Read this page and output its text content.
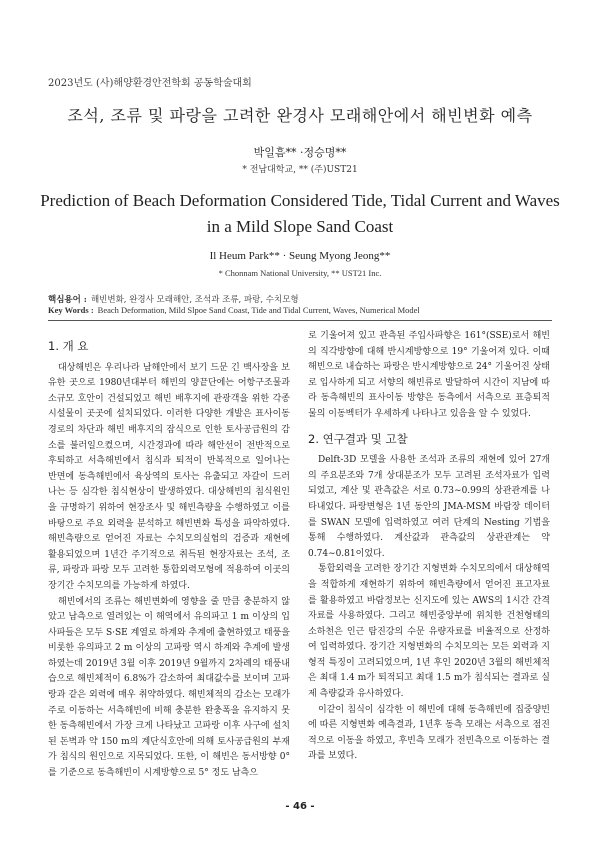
2023년도 (사)해양환경안전학회 공동학술대회
조석, 조류 및 파랑을 고려한 완경사 모래해안에서 해빈변화 예측
박일흠** ·정승명**
* 전남대학교, ** (주)UST21
Prediction of Beach Deformation Considered Tide, Tidal Current and Waves
in a Mild Slope Sand Coast
Il Heum Park** · Seung Myong Jeong**
* Chonnam National University, ** UST21 Inc.
핵심용어 : 해빈변화, 완경사 모래해안, 조석과 조류, 파랑, 수치모형
Key Words : Beach Deformation, Mild Slpoe Sand Coast, Tide and Tidal Current, Waves, Numerical Model
1. 개 요

대상해빈은 우리나라 남해안에서 보기 드문 긴 백사장을 보유한 곳으로 1980년대부터 해빈의 양끝단에는 어항구조물과 소규모 호안이 건설되었고 해빈 배후지에 관광객을 위한 각종 시설물이 곳곳에 설치되었다. 이러한 다양한 개발은 표사이동 경로의 차단과 해빈 배후지의 잠식으로 인한 토사공급원의 감소를 불러일으켰으며, 시간경과에 따라 해안선이 전반적으로 후퇴하고 서측해빈에서 침식과 퇴적이 반복적으로 일어나는 반면에 동측해빈에서 육상역의 토사는 유출되고 자갈이 드러나는 등 심각한 침식현상이 발생하였다. 대상해빈의 침식원인을 규명하기 위하여 현장조사 및 해빈측량을 수행하였고 이를 바탕으로 주요 외력을 분석하고 해빈변화 특성을 파악하였다. 해빈측량으로 얻어진 자료는 수치모의실험의 검증과 재현에 활용되었으며 1년간 주기적으로 취득된 현장자료는 조석, 조류, 파랑과 파랑 모두 고려한 통합외력모형에 적용하여 이곳의 장기간 수치모의를 가능하게 하였다.

해빈에서의 조류는 해빈변화에 영향을 줄 만큼 충분하지 않았고 남측으로 열려있는 이 해역에서 유의파고 1 m 이상의 입사파들은 모두 S·SE 계열로 하계와 추계에 출현하였고 태풍을 비롯한 유의파고 2 m 이상의 고파랑 역시 하계와 추계에 발생하였는데 2019년 3월 이후 2019년 9월까지 2차례의 태풍내습으로 해빈체적이 6.8%가 감소하여 최대값수를 보이며 고파랑과 같은 외력에 매우 취약하였다. 해빈체적의 감소는 모래가 주로 이동하는 서측해빈에 비해 충분한 완충폭을 유지하지 못한 동측해빈에서 가장 크게 나타났고 고파랑 이후 사구에 설치된 돈벽과 약 150 m의 계단식호안에 의해 토사공급원의 부재가 침식의 원인으로 지목되었다. 또한, 이 해빈은 동서방향 0°를 기준으로 동측해빈이 시계방향으로 5° 정도 남측으

로 기울어져 있고 관측된 주입사파향은 161°(SSE)로서 해빈의 직각방향에 대해 반시계방향으로 19° 기울어져 있다. 이때 해빈으로 내습하는 파랑은 반시계방향으로 24° 기울어진 상태로 입사하게 되고 서향의 해빈류로 발달하여 시간이 지남에 따라 동측해빈의 표사이동 방향은 동측에서 서측으로 표층퇴적물의 이동벡터가 우세하게 나타나고 있음을 알 수 있었다.

2. 연구결과 및 고찰

Delft-3D 모델을 사용한 조석과 조류의 재현에 있어 27개의 주요분조와 7개 상대분조가 모두 고려된 조석자료가 입력되었고, 계산 및 관측값은 서로 0.73∼0.99의 상관관계를 나타내었다. 파랑변형은 1년 동안의 JMA-MSM 바람장 데이터를 SWAN 모델에 입력하였고 여러 단계의 Nesting 기법을 통해 수행하였다. 계산값과 관측값의 상관관계는 약 0.74∼0.81이었다.

통합외력을 고려한 장기간 지형변화 수치모의에서 대상해역을 적합하게 재현하기 위하여 해빈측량에서 얻어진 표고자료를 활용하였고 바람정보는 신지도에 있는 AWS의 1시간 간격 자료를 사용하였다. 그리고 해빈중앙부에 위치한 건천형태의 소하천은 인근 탐진강의 수문 유량자료를 비율적으로 산정하여 입력하였다. 장기간 지형변화의 수치모의는 모든 외력과 지형적 특징이 고려되었으며, 1년 후인 2020년 3월의 해빈체적은 최대 1.4 m가 퇴적되고 최대 1.5 m가 침식되는 결과로 실제 측량값과 유사하였다.

이같이 침식이 심각한 이 해빈에 대해 동측해빈에 집중양빈에 따른 지형변화 예측결과, 1년후 동측 모래는 서측으로 점진적으로 이동을 하였고, 후빈측 모래가 전빈측으로 이동하는 결과를 보였다.

- 46 -
